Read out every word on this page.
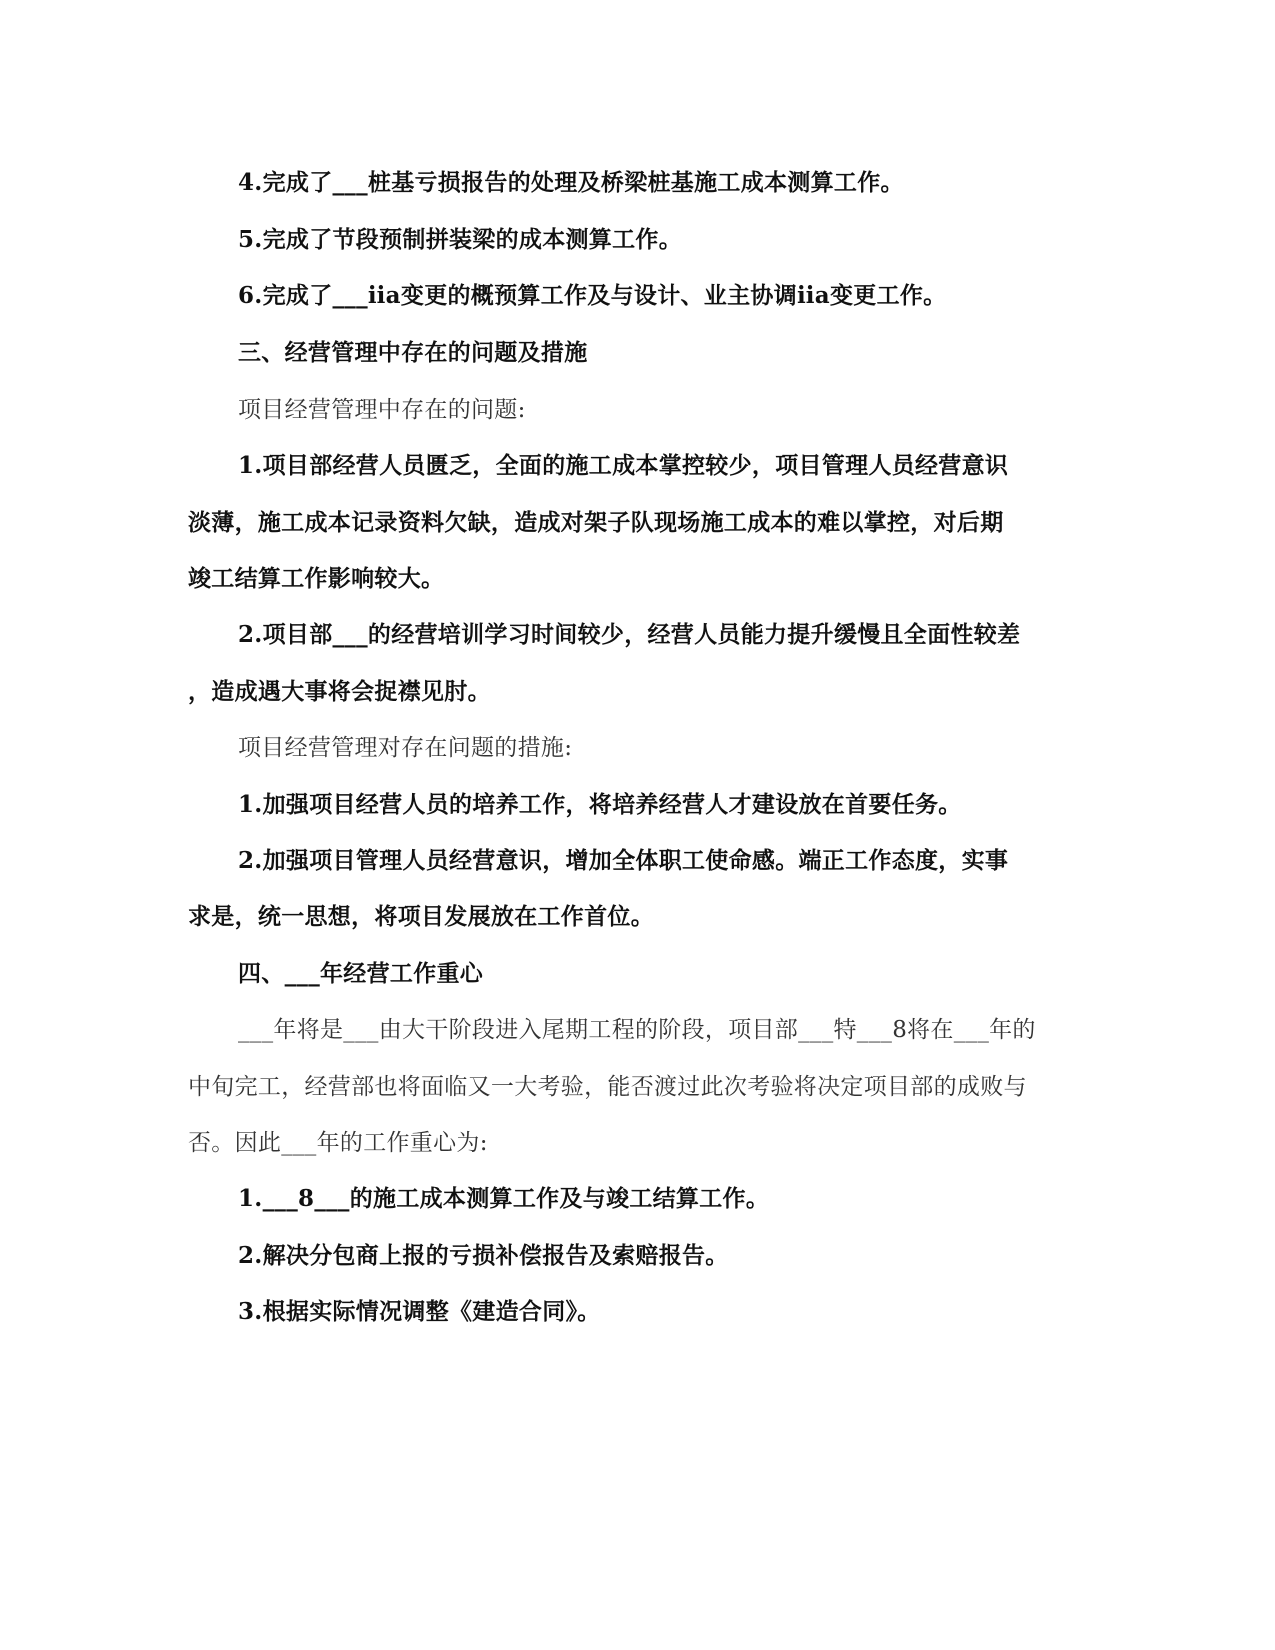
4.完成了___桩基亏损报告的处理及桥梁桩基施工成本测算工作。
5.完成了节段预制拼装梁的成本测算工作。
6.完成了___ⅱa变更的概预算工作及与设计、业主协调ⅱa变更工作。
三、经营管理中存在的问题及措施
项目经营管理中存在的问题:
1.项目部经营人员匮乏，全面的施工成本掌控较少，项目管理人员经营意识
淡薄，施工成本记录资料欠缺，造成对架子队现场施工成本的难以掌控，对后期
竣工结算工作影响较大。
2.项目部___的经营培训学习时间较少，经营人员能力提升缓慢且全面性较差
，造成遇大事将会捉襟见肘。
项目经营管理对存在问题的措施:
1.加强项目经营人员的培养工作，将培养经营人才建设放在首要任务。
2.加强项目管理人员经营意识，增加全体职工使命感。端正工作态度，实事
求是，统一思想，将项目发展放在工作首位。
四、___年经营工作重心
___年将是___由大干阶段进入尾期工程的阶段，项目部___特___8将在___年的
中旬完工，经营部也将面临又一大考验，能否渡过此次考验将决定项目部的成败与
否。因此___年的工作重心为:
1.___8___的施工成本测算工作及与竣工结算工作。
2.解决分包商上报的亏损补偿报告及索赔报告。
3.根据实际情况调整《建造合同》。
